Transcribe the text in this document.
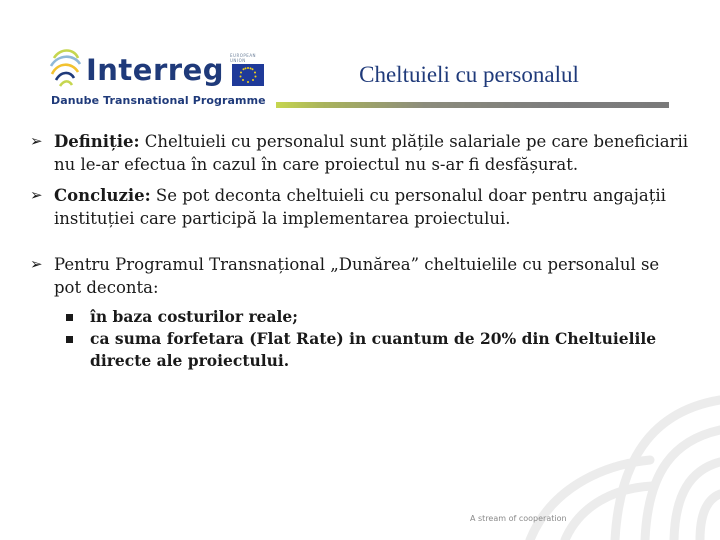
Interreg EUROPEAN UNION
Danube Transnational Programme
Cheltuieli cu personalul
➢ Definiție: Cheltuieli cu personalul sunt plățile salariale pe care beneficiarii nu le-ar efectua în cazul în care proiectul nu s-ar fi desfășurat.
➢ Concluzie: Se pot deconta cheltuieli cu personalul doar pentru angajații instituției care participă la implementarea proiectului.
➢ Pentru Programul Transnațional „Dunărea” cheltuielile cu personalul se pot deconta:
în baza costurilor reale;
ca suma forfetara (Flat Rate) in cuantum de 20% din Cheltuielile directe ale proiectului.
A stream of cooperation
